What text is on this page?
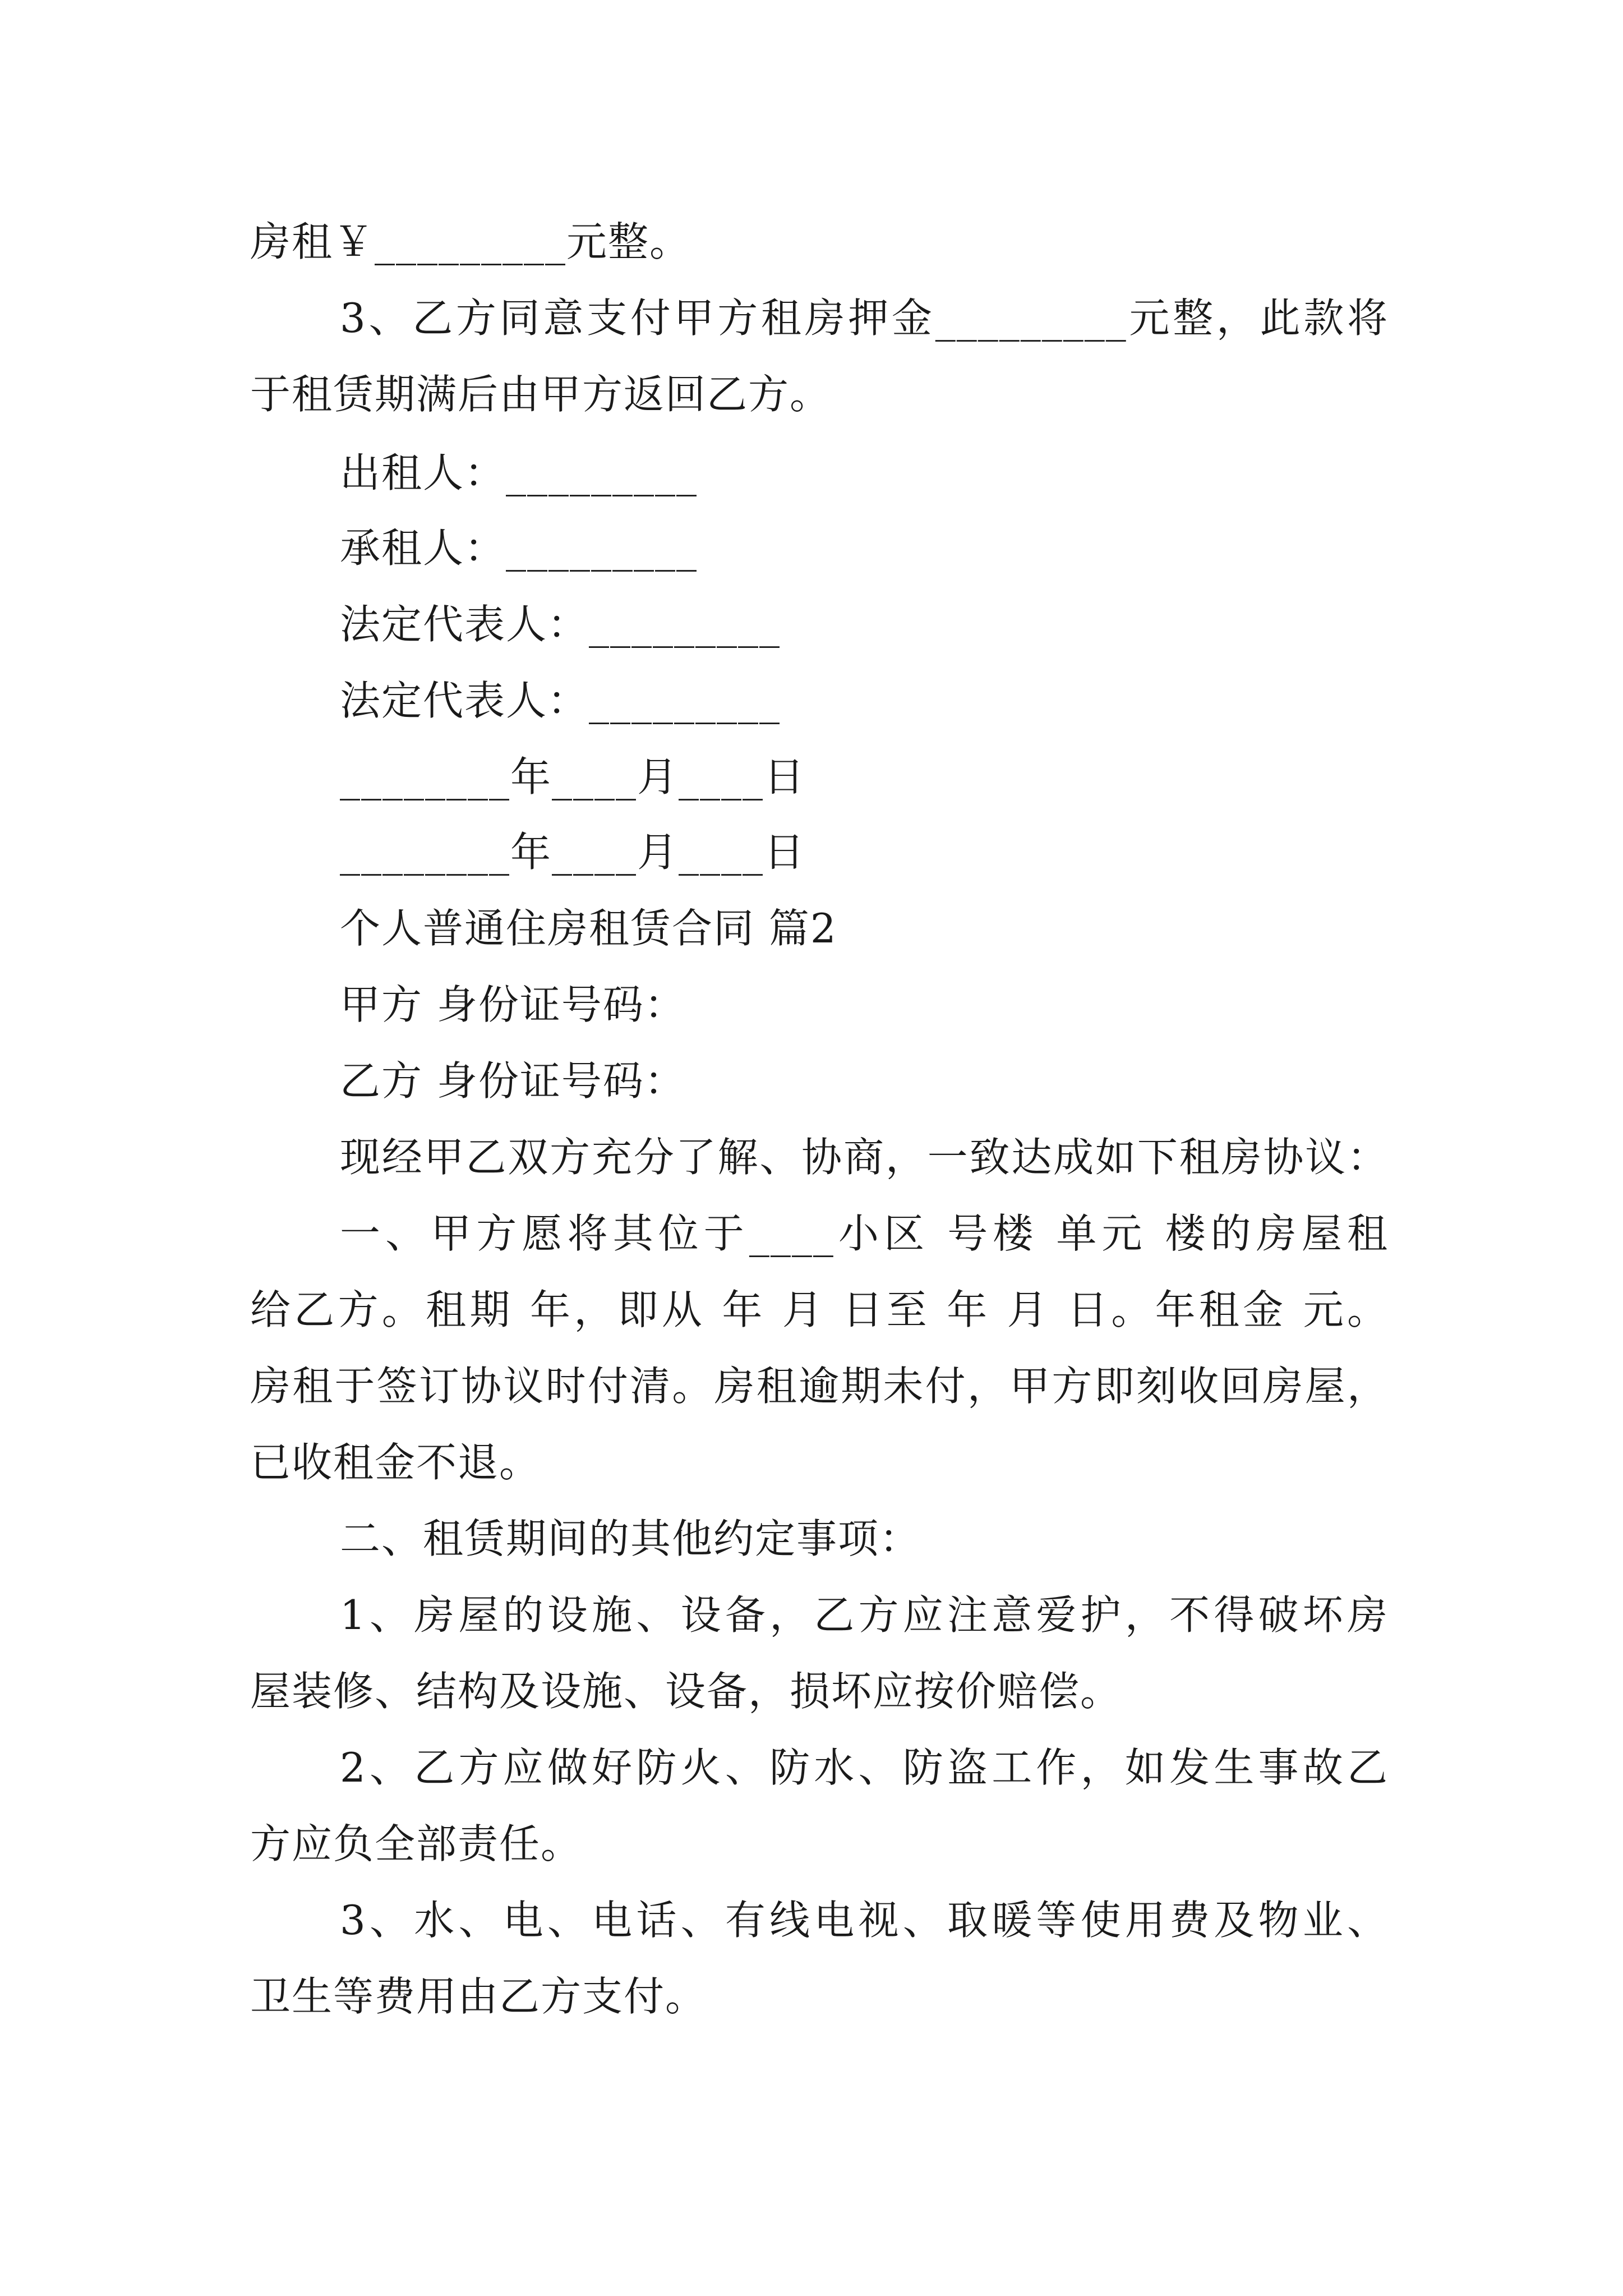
房租￥_________元整。
3、乙方同意支付甲方租房押金_________元整，此款将
于租赁期满后由甲方返回乙方。
出租人：_________
承租人：_________
法定代表人：_________
法定代表人：_________
________年____月____日
________年____月____日
个人普通住房租赁合同 篇2
甲方 身份证号码：
乙方 身份证号码：
现经甲乙双方充分了解、协商，一致达成如下租房协议：
一、甲方愿将其位于____小区 号楼 单元 楼的房屋租
给乙方。租期 年，即从 年 月 日至 年 月 日。年租金 元。
房租于签订协议时付清。房租逾期未付，甲方即刻收回房屋，
已收租金不退。
二、租赁期间的其他约定事项：
1、房屋的设施、设备，乙方应注意爱护，不得破坏房
屋装修、结构及设施、设备，损坏应按价赔偿。
2、乙方应做好防火、防水、防盗工作，如发生事故乙
方应负全部责任。
3、水、电、电话、有线电视、取暖等使用费及物业、
卫生等费用由乙方支付。
